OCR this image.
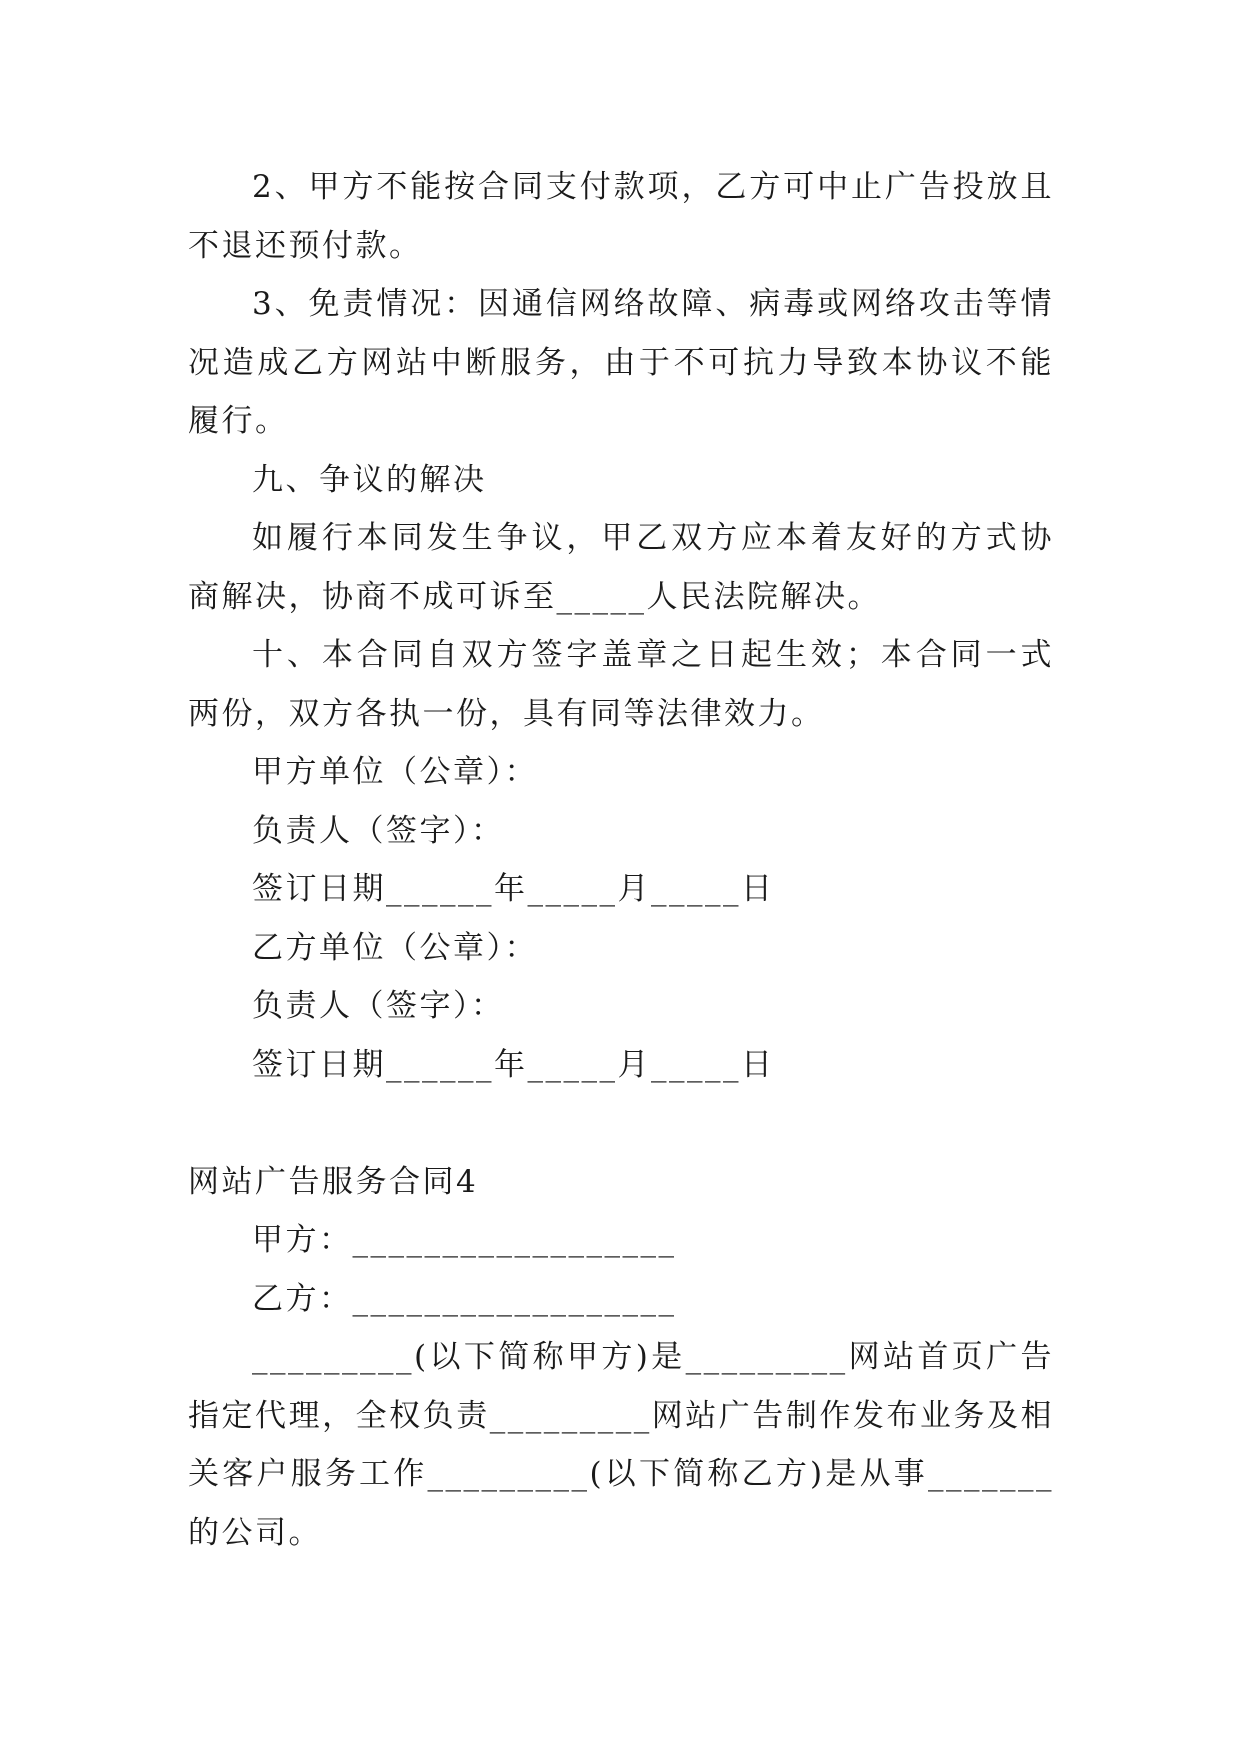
2、甲方不能按合同支付款项，乙方可中止广告投放且不退还预付款。

3、免责情况：因通信网络故障、病毒或网络攻击等情况造成乙方网站中断服务，由于不可抗力导致本协议不能履行。

九、争议的解决

如履行本同发生争议，甲乙双方应本着友好的方式协商解决，协商不成可诉至_____人民法院解决。

十、本合同自双方签字盖章之日起生效；本合同一式两份，双方各执一份，具有同等法律效力。

甲方单位（公章）：

负责人（签字）：

签订日期______年_____月_____日

乙方单位（公章）：

负责人（签字）：

签订日期______年_____月_____日

网站广告服务合同4

甲方：__________________

乙方：__________________

_________(以下简称甲方)是_________网站首页广告指定代理，全权负责_________网站广告制作发布业务及相关客户服务工作_________(以下简称乙方)是从事_______的公司。
